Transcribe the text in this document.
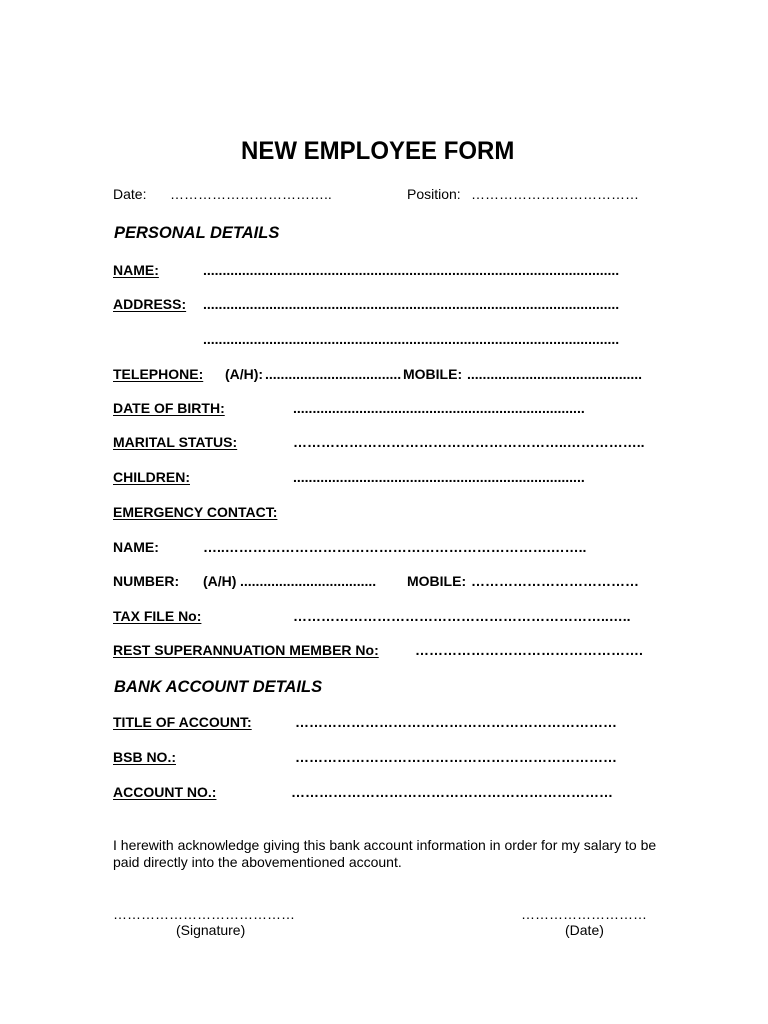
NEW EMPLOYEE FORM
Date: ……………………………..	Position: ………………………………
PERSONAL DETAILS
NAME:	...........................................................................................................
ADDRESS: ...........................................................................................................
...........................................................................................................
TELEPHONE: (A/H): ................................... MOBILE: .............................................
DATE OF BIRTH:	...........................................................................
MARITAL STATUS:	…………………………………………………..……………..
CHILDREN:	...........................................................................
EMERGENCY CONTACT:
NAME:	…..…………………………………………………………….……..
NUMBER: (A/H) ...................................	MOBILE: ………………………………
TAX FILE No:	…………………………………………………………..…..
REST SUPERANNUATION MEMBER No:	………………………………………….
BANK ACCOUNT DETAILS
TITLE OF ACCOUNT:	……………………………………………………………
BSB NO.:	……………………………………………………………
ACCOUNT NO.:	……………………………………………………………
I herewith acknowledge giving this bank account information in order for my salary to be paid directly into the abovementioned account.
…………………………………
(Signature)
………………………
(Date)
